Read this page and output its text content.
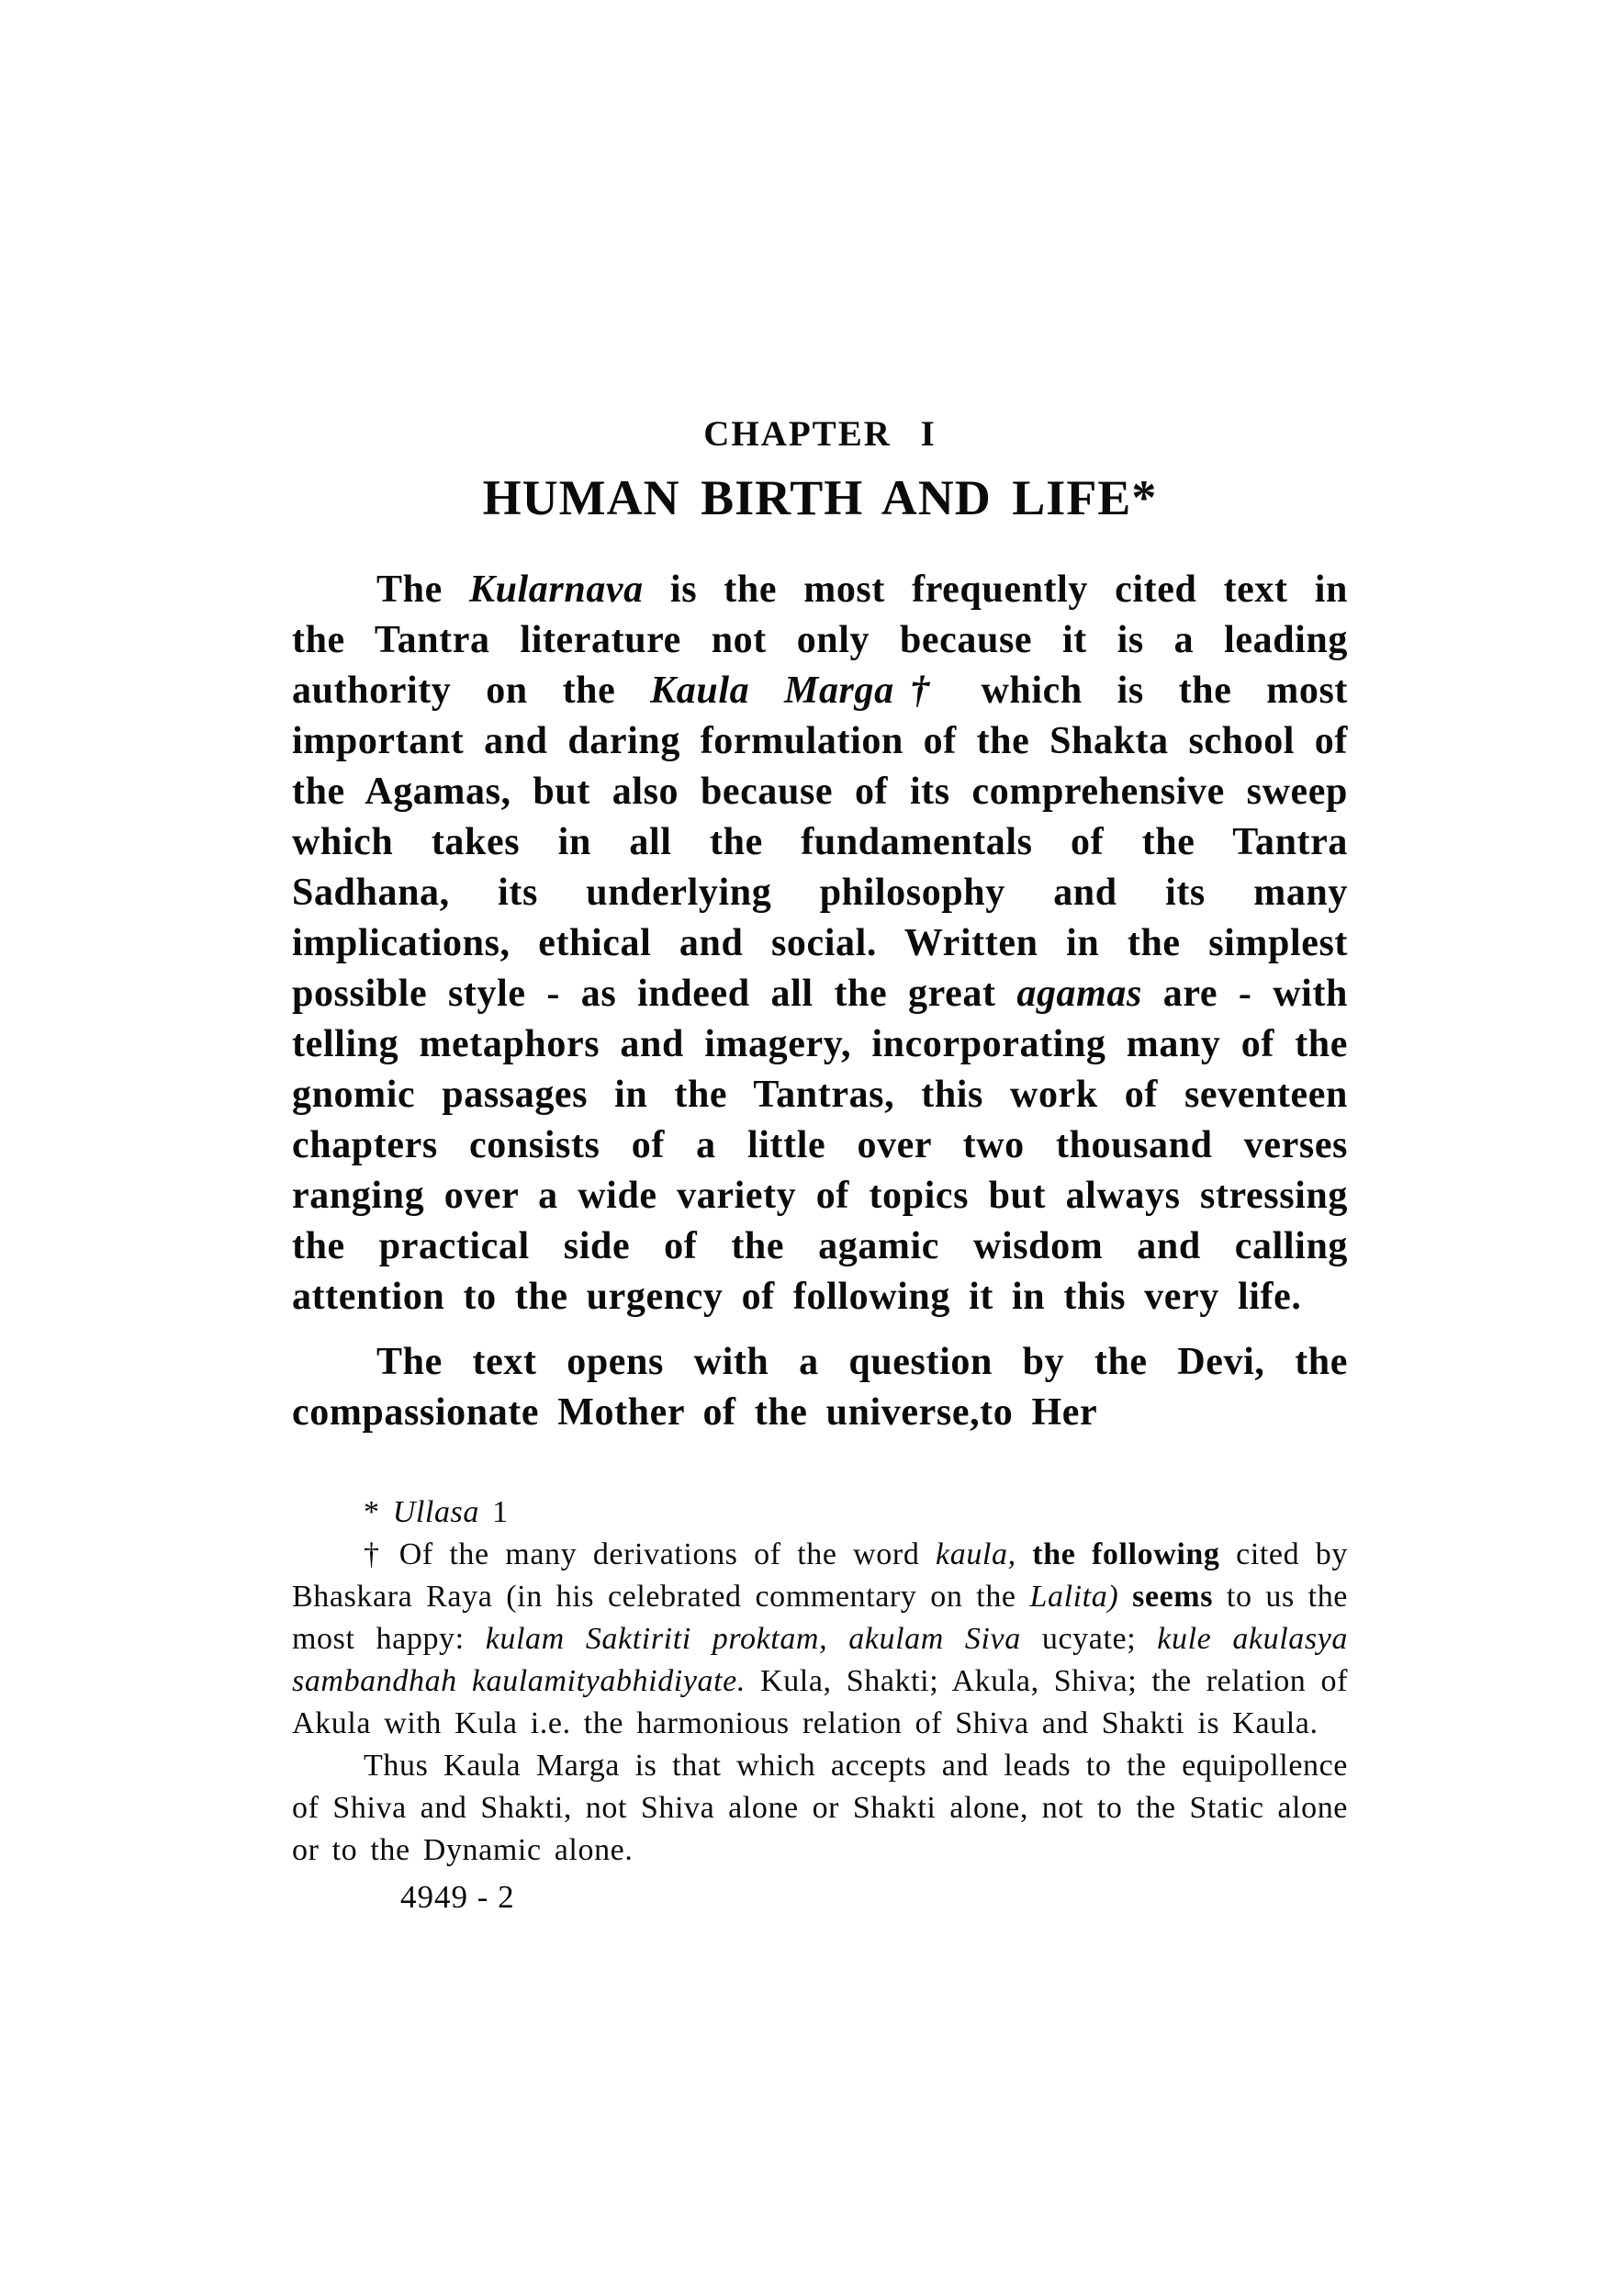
CHAPTER I
HUMAN BIRTH AND LIFE*

The Kularnava is the most frequently cited text in the Tantra literature not only because it is a leading authority on the Kaula Marga† which is the most important and daring formulation of the Shakta school of the Agamas, but also because of its comprehensive sweep which takes in all the fundamentals of the Tantra Sadhana, its underlying philosophy and its many implications, ethical and social. Written in the simplest possible style - as indeed all the great agamas are - with telling metaphors and imagery, incorporating many of the gnomic passages in the Tantras, this work of seventeen chapters consists of a little over two thousand verses ranging over a wide variety of topics but always stressing the practical side of the agamic wisdom and calling attention to the urgency of following it in this very life.

The text opens with a question by the Devi, the compassionate Mother of the universe,to Her

* Ullasa 1

† Of the many derivations of the word kaula, the following cited by Bhaskara Raya (in his celebrated commentary on the Lalita) seems to us the most happy: kulam Saktiriti proktam, akulam Siva ucyate; kule akulasya sambandhah kaulamityabhidiyate. Kula, Shakti; Akula, Shiva; the relation of Akula with Kula i.e. the harmonious relation of Shiva and Shakti is Kaula.

Thus Kaula Marga is that which accepts and leads to the equipollence of Shiva and Shakti, not Shiva alone or Shakti alone, not to the Static alone or to the Dynamic alone.

4949 - 2
